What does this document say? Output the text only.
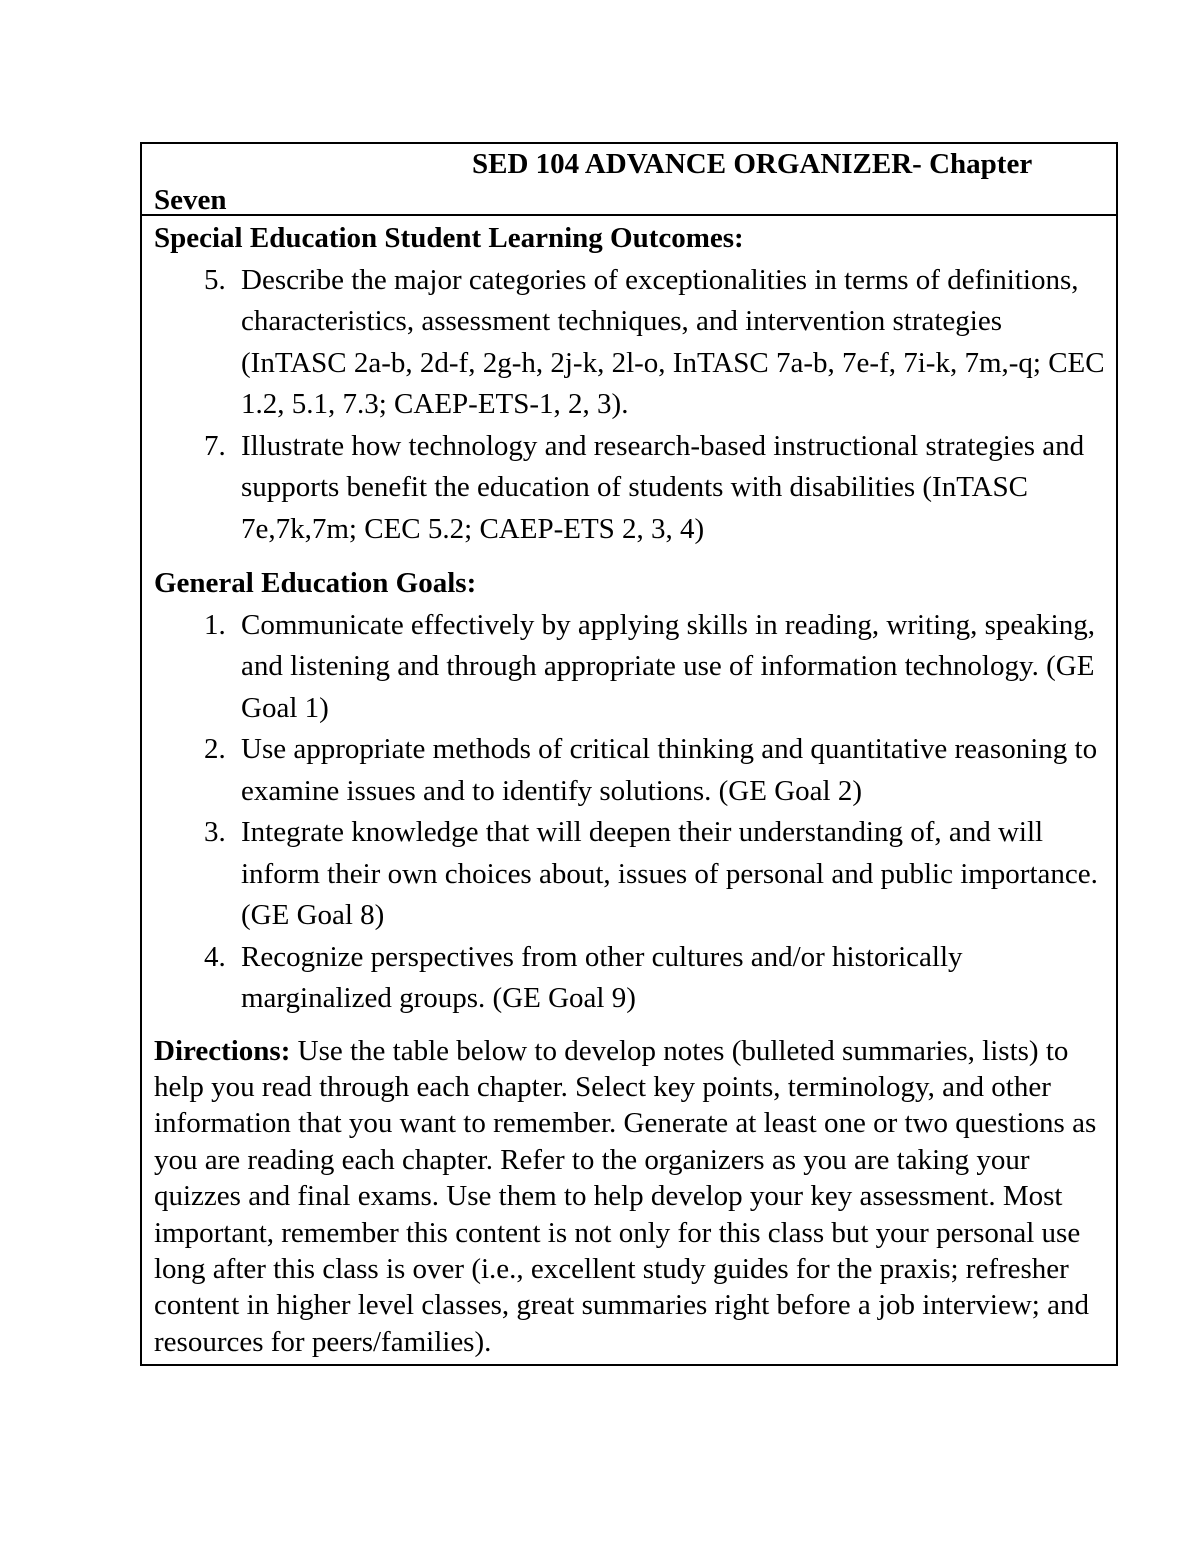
SED 104 ADVANCE ORGANIZER- Chapter
Seven
Special Education Student Learning Outcomes:
5. Describe the major categories of exceptionalities in terms of definitions, characteristics, assessment techniques, and intervention strategies (InTASC 2a-b, 2d-f, 2g-h, 2j-k, 2l-o, InTASC 7a-b, 7e-f, 7i-k, 7m,-q; CEC 1.2, 5.1, 7.3; CAEP-ETS-1, 2, 3).
7. Illustrate how technology and research-based instructional strategies and supports benefit the education of students with disabilities (InTASC 7e,7k,7m; CEC 5.2; CAEP-ETS 2, 3, 4)
General Education Goals:
1. Communicate effectively by applying skills in reading, writing, speaking, and listening and through appropriate use of information technology. (GE Goal 1)
2. Use appropriate methods of critical thinking and quantitative reasoning to examine issues and to identify solutions. (GE Goal 2)
3. Integrate knowledge that will deepen their understanding of, and will inform their own choices about, issues of personal and public importance. (GE Goal 8)
4. Recognize perspectives from other cultures and/or historically marginalized groups. (GE Goal 9)
Directions: Use the table below to develop notes (bulleted summaries, lists) to help you read through each chapter. Select key points, terminology, and other information that you want to remember. Generate at least one or two questions as you are reading each chapter. Refer to the organizers as you are taking your quizzes and final exams. Use them to help develop your key assessment. Most important, remember this content is not only for this class but your personal use long after this class is over (i.e., excellent study guides for the praxis; refresher content in higher level classes, great summaries right before a job interview; and resources for peers/families).
